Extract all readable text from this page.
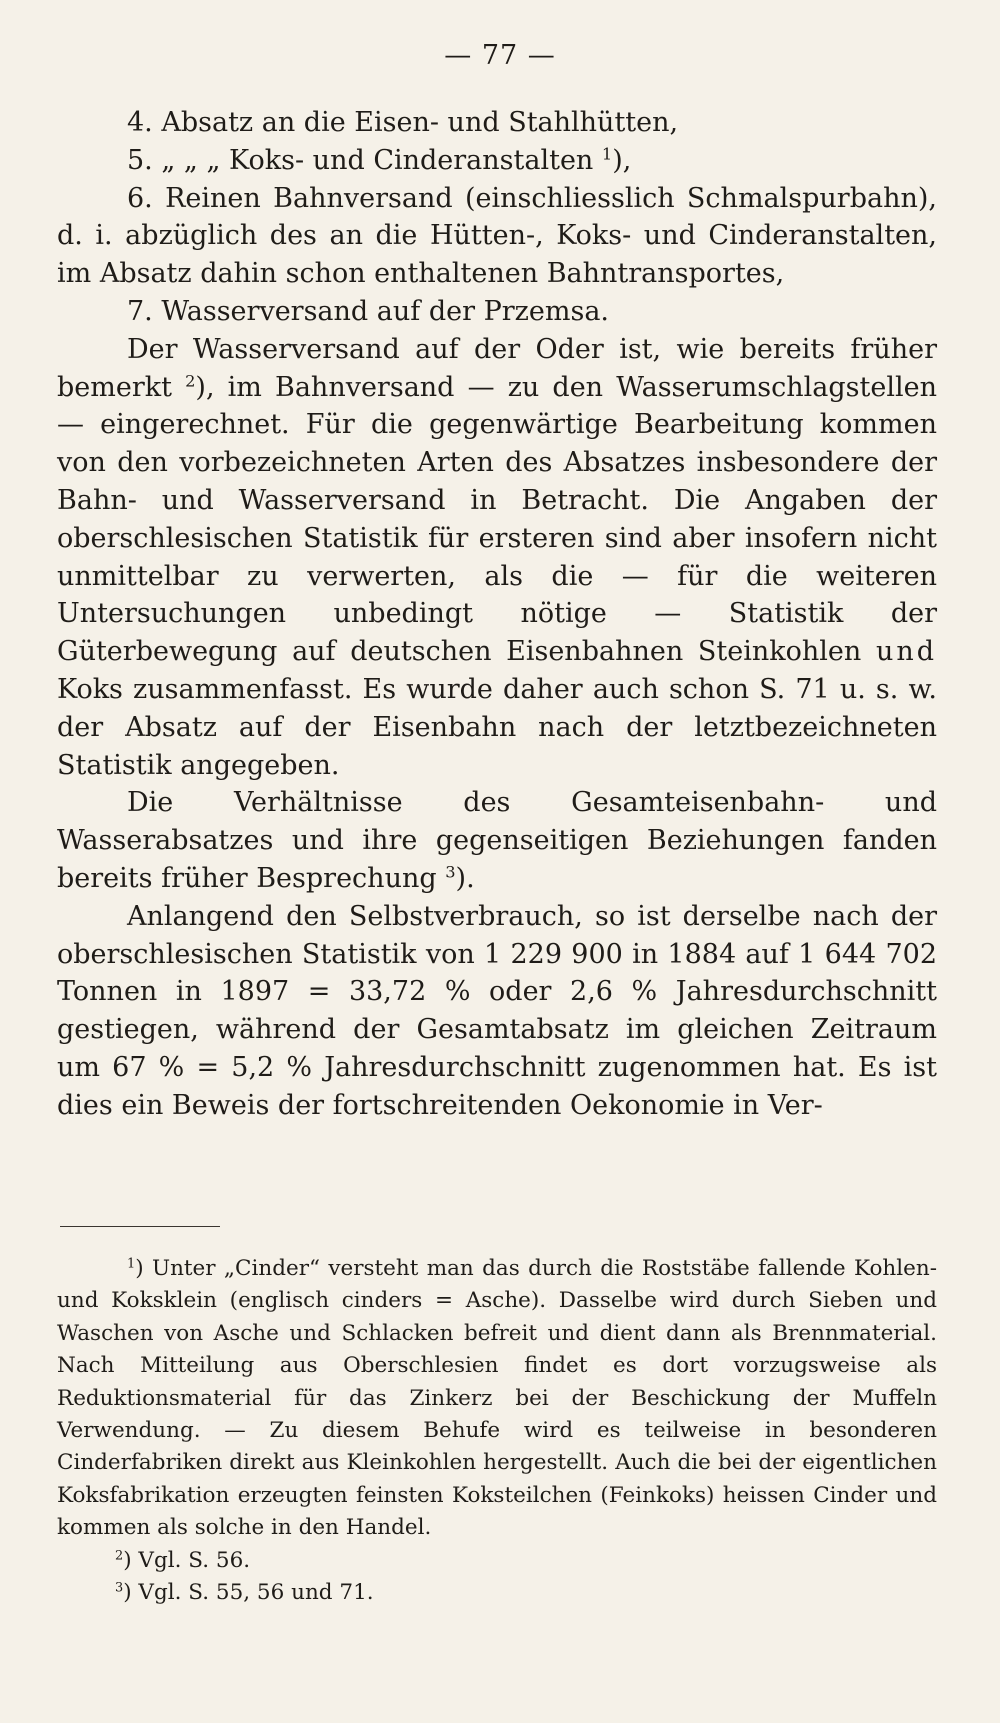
— 77 —

4. Absatz an die Eisen- und Stahlhütten,

5. „ „ „ Koks- und Cinderanstalten $^1$),

6. Reinen Bahnversand (einschliesslich Schmalspurbahn), d. i. abzüglich des an die Hütten-, Koks- und Cinderanstalten, im Absatz dahin schon enthaltenen Bahntransportes,

7. Wasserversand auf der Przemsa.

Der Wasserversand auf der Oder ist, wie bereits früher bemerkt $^2$), im Bahnversand — zu den Wasserumschlagstellen — eingerechnet. Für die gegenwärtige Bearbeitung kommen von den vorbezeichneten Arten des Absatzes insbesondere der Bahn- und Wasserversand in Betracht. Die Angaben der oberschlesischen Statistik für ersteren sind aber insofern nicht unmittelbar zu verwerten, als die — für die weiteren Untersuchungen unbedingt nötige — Statistik der Güterbewegung auf deutschen Eisenbahnen Steinkohlen und Koks zusammenfasst. Es wurde daher auch schon S. 71 u. s. w. der Absatz auf der Eisenbahn nach der letztbezeichneten Statistik angegeben.

Die Verhältnisse des Gesamteisenbahn- und Wasserabsatzes und ihre gegenseitigen Beziehungen fanden bereits früher Besprechung $^3$).

Anlangend den Selbstverbrauch, so ist derselbe nach der oberschlesischen Statistik von 1 229 900 in 1884 auf 1 644 702 Tonnen in 1897 = 33,72 % oder 2,6 % Jahresdurchschnitt gestiegen, während der Gesamtabsatz im gleichen Zeitraum um 67 % = 5,2 % Jahresdurchschnitt zugenommen hat. Es ist dies ein Beweis der fortschreitenden Oekonomie in Ver-

$^1$) Unter „Cinder“ versteht man das durch die Roststäbe fallende Kohlen- und Koksklein (englisch cinders = Asche). Dasselbe wird durch Sieben und Waschen von Asche und Schlacken befreit und dient dann als Brennmaterial. Nach Mitteilung aus Oberschlesien findet es dort vorzugsweise als Reduktionsmaterial für das Zinkerz bei der Beschickung der Muffeln Verwendung. — Zu diesem Behufe wird es teilweise in besonderen Cinderfabriken direkt aus Kleinkohlen hergestellt. Auch die bei der eigentlichen Koksfabrikation erzeugten feinsten Koksteilchen (Feinkoks) heissen Cinder und kommen als solche in den Handel.

$^2$) Vgl. S. 56.

$^3$) Vgl. S. 55, 56 und 71.
